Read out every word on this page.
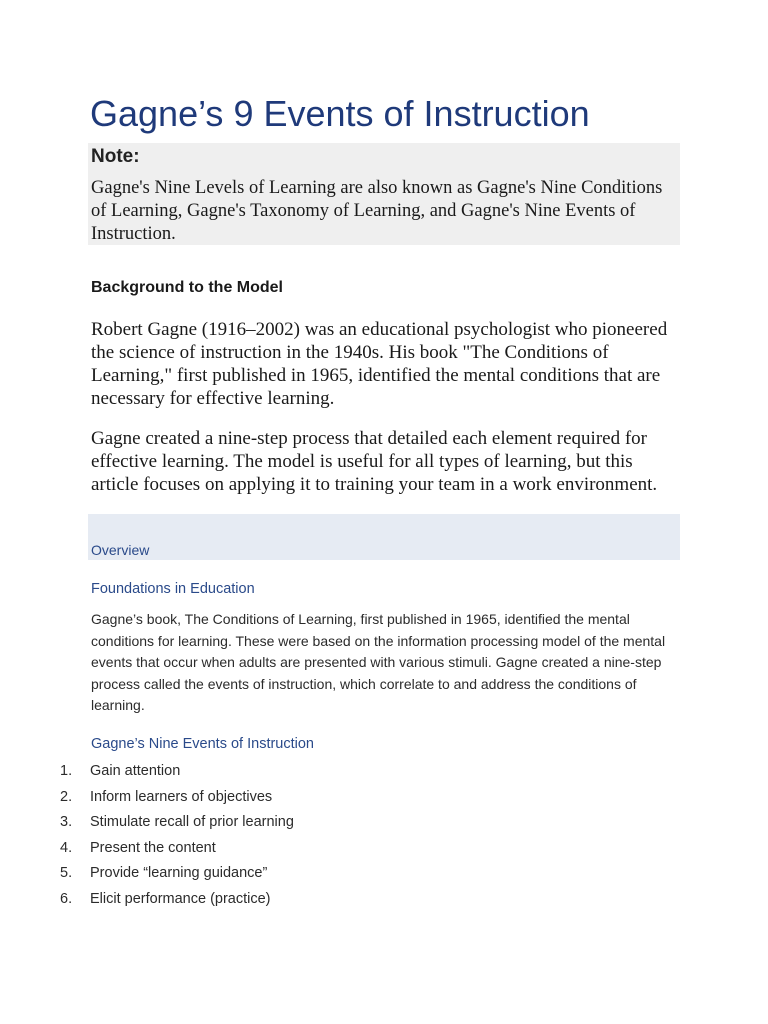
Gagne’s 9 Events of Instruction
Note:

Gagne's Nine Levels of Learning are also known as Gagne's Nine Conditions of Learning, Gagne's Taxonomy of Learning, and Gagne's Nine Events of Instruction.

Background to the Model

Robert Gagne (1916–2002) was an educational psychologist who pioneered the science of instruction in the 1940s. His book "The Conditions of Learning," first published in 1965, identified the mental conditions that are necessary for effective learning.

Gagne created a nine-step process that detailed each element required for effective learning. The model is useful for all types of learning, but this article focuses on applying it to training your team in a work environment.

Overview
Foundations in Education

Gagne’s book, The Conditions of Learning, first published in 1965, identified the mental conditions for learning. These were based on the information processing model of the mental events that occur when adults are presented with various stimuli. Gagne created a nine-step process called the events of instruction, which correlate to and address the conditions of learning.

Gagne’s Nine Events of Instruction
1. Gain attention
2. Inform learners of objectives
3. Stimulate recall of prior learning
4. Present the content
5. Provide “learning guidance”
6. Elicit performance (practice)
